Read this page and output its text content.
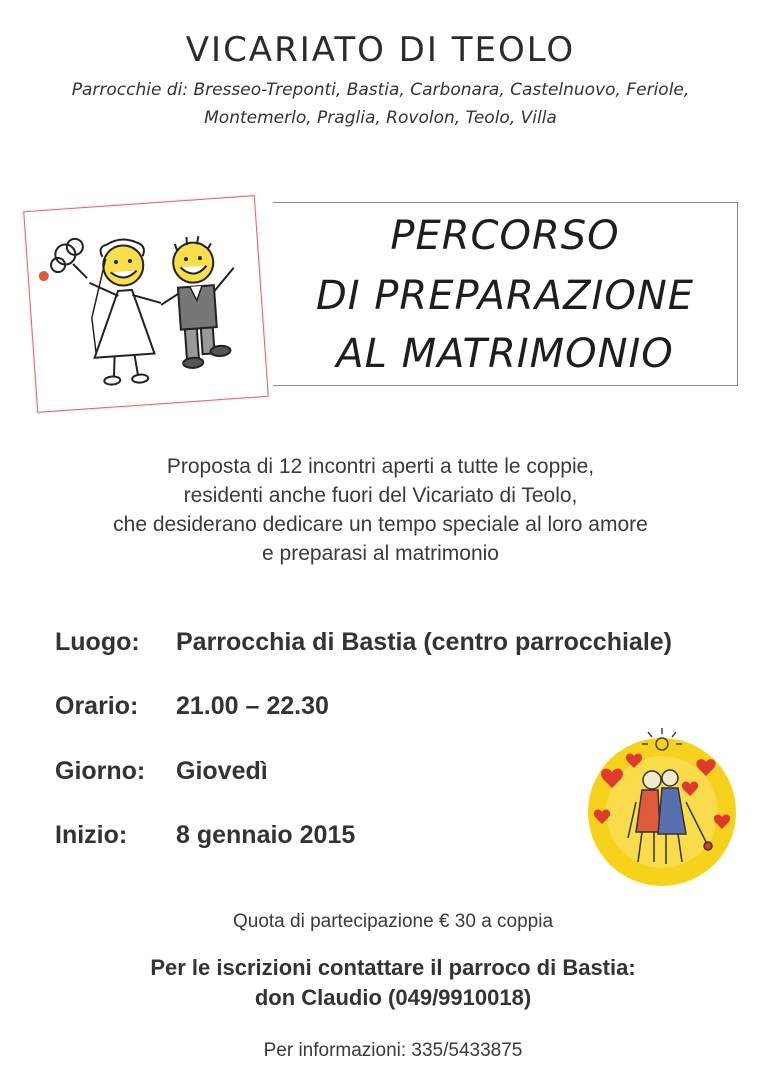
VICARIATO DI TEOLO
Parrocchie di: Bresseo-Treponti, Bastia, Carbonara, Castelnuovo, Feriole,
Montemerlo, Praglia, Rovolon, Teolo, Villa
PERCORSO
DI PREPARAZIONE
AL MATRIMONIO
Proposta di 12 incontri aperti a tutte le coppie,
residenti anche fuori del Vicariato di Teolo,
che desiderano dedicare un tempo speciale al loro amore
e preparasi al matrimonio
Luogo: Parrocchia di Bastia (centro parrocchiale)
Orario: 21.00 – 22.30
Giorno: Giovedì
Inizio: 8 gennaio 2015
Quota di partecipazione € 30 a coppia
Per le iscrizioni contattare il parroco di Bastia:
don Claudio (049/9910018)
Per informazioni: 335/5433875
